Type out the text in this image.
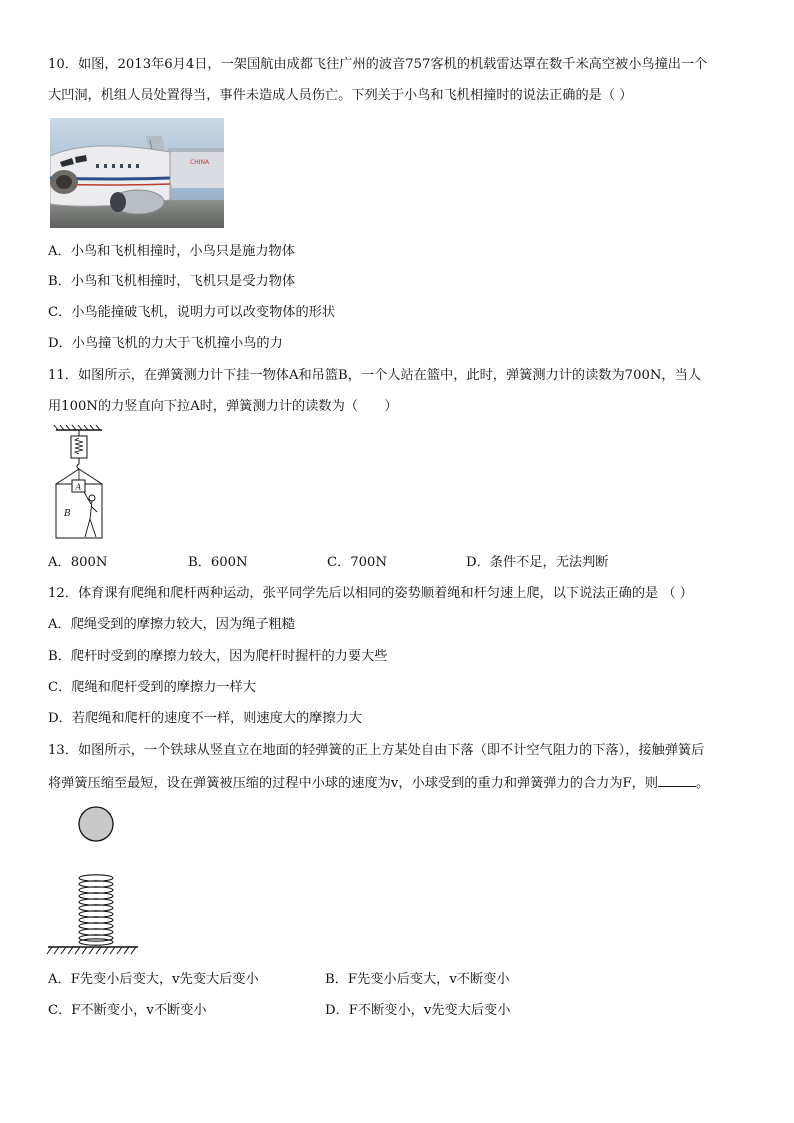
10．如图，2013年6月4日，一架国航由成都飞往广州的波音757客机的机载雷达罩在数千米高空被小鸟撞出一个
大凹洞，机组人员处置得当，事件未造成人员伤亡。下列关于小鸟和飞机相撞时的说法正确的是（ ）
CHINA
A．小鸟和飞机相撞时，小鸟只是施力物体
B．小鸟和飞机相撞时，飞机只是受力物体
C．小鸟能撞破飞机，说明力可以改变物体的形状
D．小鸟撞飞机的力大于飞机撞小鸟的力
11．如图所示，在弹簧测力计下挂一物体A和吊篮B，一个人站在篮中，此时，弹簧测力计的读数为700N，当人
用100N的力竖直向下拉A时，弹簧测力计的读数为（　　）
A
B
A．800N	B．600N	C．700N	D．条件不足，无法判断
12．体育课有爬绳和爬杆两种运动，张平同学先后以相同的姿势顺着绳和杆匀速上爬，以下说法正确的是 （ ）
A．爬绳受到的摩擦力较大，因为绳子粗糙
B．爬杆时受到的摩擦力较大，因为爬杆时握杆的力要大些
C．爬绳和爬杆受到的摩擦力一样大
D．若爬绳和爬杆的速度不一样，则速度大的摩擦力大
13．如图所示，一个铁球从竖直立在地面的轻弹簧的正上方某处自由下落（即不计空气阻力的下落），接触弹簧后
将弹簧压缩至最短，设在弹簧被压缩的过程中小球的速度为v，小球受到的重力和弹簧弹力的合力为F，则	。
A．F先变小后变大，v先变大后变小	B．F先变小后变大，v不断变小
C．F不断变小，v不断变小	D．F不断变小，v先变大后变小
